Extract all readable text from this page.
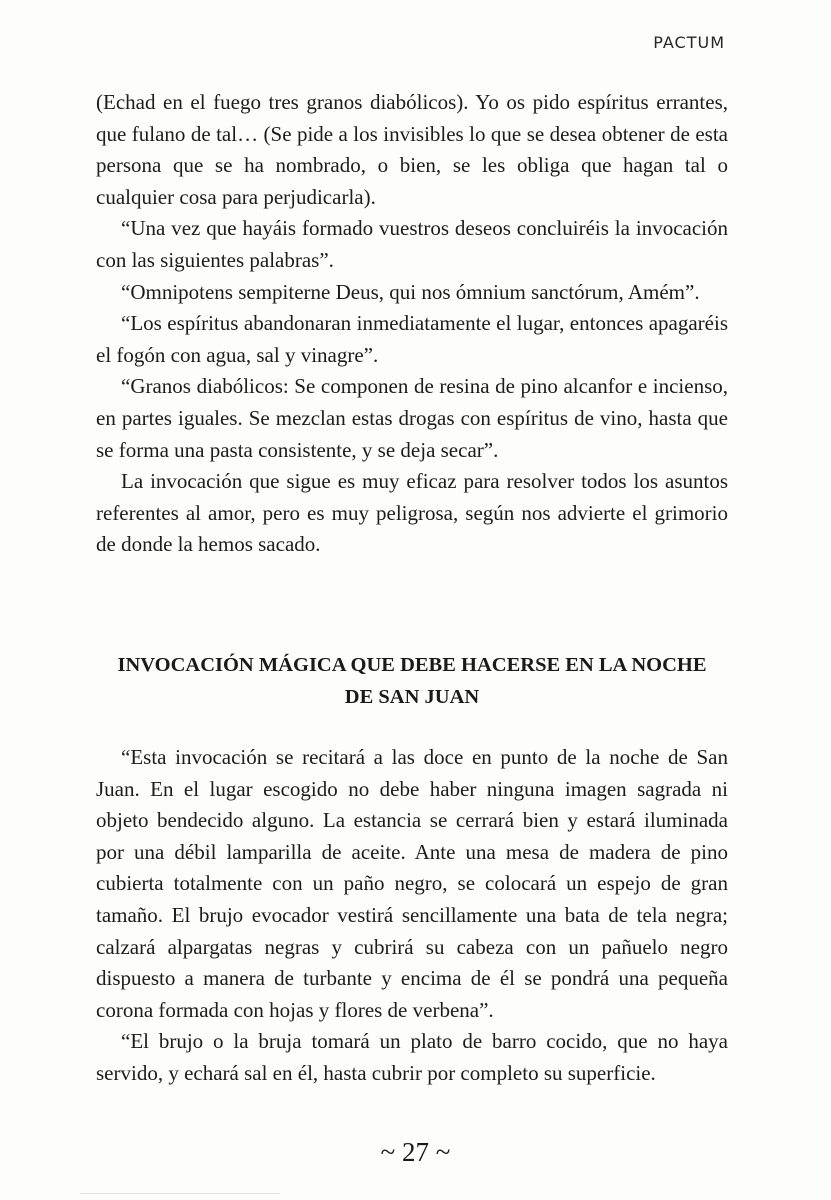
PACTUM

(Echad en el fuego tres granos diabólicos). Yo os pido espíritus errantes, que fulano de tal… (Se pide a los invisibles lo que se desea obtener de esta persona que se ha nombrado, o bien, se les obliga que hagan tal o cualquier cosa para perjudicarla).

“Una vez que hayáis formado vuestros deseos concluiréis la invocación con las siguientes palabras”.

“Omnipotens sempiterne Deus, qui nos ómnium sanctórum, Amém”.

“Los espíritus abandonaran inmediatamente el lugar, entonces apagaréis el fogón con agua, sal y vinagre”.

“Granos diabólicos: Se componen de resina de pino alcanfor e incienso, en partes iguales. Se mezclan estas drogas con espíritus de vino, hasta que se forma una pasta consistente, y se deja secar”.

La invocación que sigue es muy eficaz para resolver todos los asuntos referentes al amor, pero es muy peligrosa, según nos advierte el grimorio de donde la hemos sacado.

INVOCACIÓN MÁGICA QUE DEBE HACERSE EN LA NOCHE
DE SAN JUAN

“Esta invocación se recitará a las doce en punto de la noche de San Juan. En el lugar escogido no debe haber ninguna imagen sagrada ni objeto bendecido alguno. La estancia se cerrará bien y estará iluminada por una débil lamparilla de aceite. Ante una mesa de madera de pino cubierta totalmente con un paño negro, se colocará un espejo de gran tamaño. El brujo evocador vestirá sencillamente una bata de tela negra; calzará alpargatas negras y cubrirá su cabeza con un pañuelo negro dispuesto a manera de turbante y encima de él se pondrá una pequeña corona formada con hojas y flores de verbena”.

“El brujo o la bruja tomará un plato de barro cocido, que no haya servido, y echará sal en él, hasta cubrir por completo su superficie.

~ 27 ~
